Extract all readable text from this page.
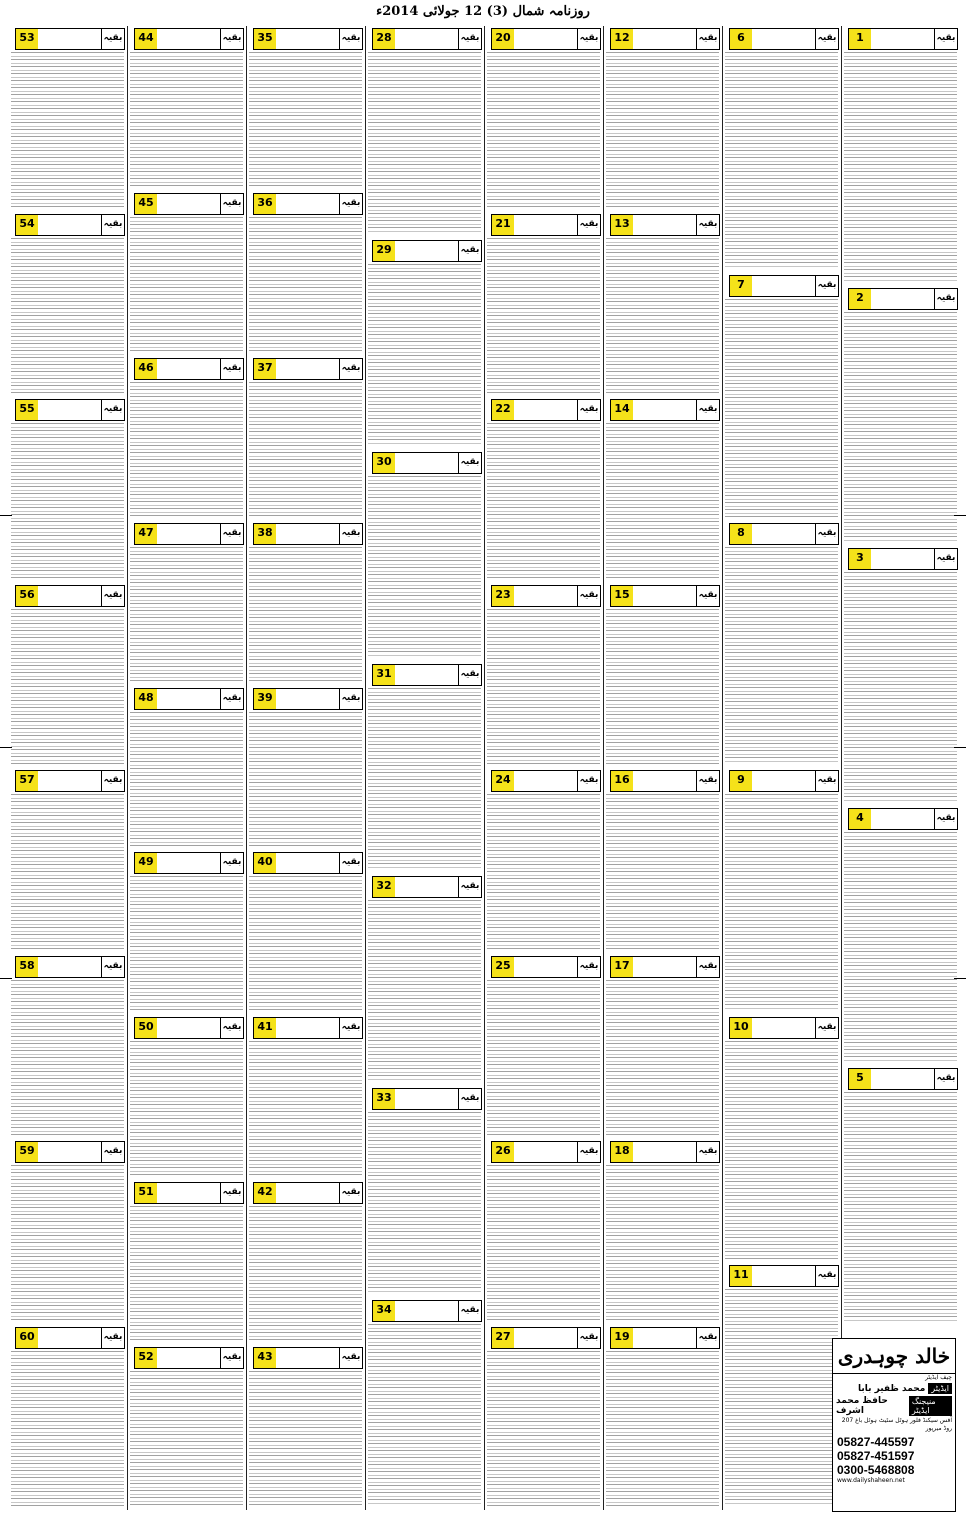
روزنامہ شمال (3) 12 جولائی 2014ء
بقیہ
1
بقیہ
2
بقیہ
3
بقیہ
4
بقیہ
5
بقیہ
6
بقیہ
7
بقیہ
8
بقیہ
9
بقیہ
10
بقیہ
11
بقیہ
12
بقیہ
13
بقیہ
14
بقیہ
15
بقیہ
16
بقیہ
17
بقیہ
18
بقیہ
19
بقیہ
20
بقیہ
21
بقیہ
22
بقیہ
23
بقیہ
24
بقیہ
25
بقیہ
26
بقیہ
27
بقیہ
28
بقیہ
29
بقیہ
30
بقیہ
31
بقیہ
32
بقیہ
33
بقیہ
34
بقیہ
35
بقیہ
36
بقیہ
37
بقیہ
38
بقیہ
39
بقیہ
40
بقیہ
41
بقیہ
42
بقیہ
43
بقیہ
44
بقیہ
45
بقیہ
46
بقیہ
47
بقیہ
48
بقیہ
49
بقیہ
50
بقیہ
51
بقیہ
52
بقیہ
53
بقیہ
54
بقیہ
55
بقیہ
56
بقیہ
57
بقیہ
58
بقیہ
59
بقیہ
60
خالد چوہدری
چیف ایڈیٹر
محمد ظفیر بابا ایڈیٹر
حافظ محمد اشرف
منیجنگ ایڈیٹر
207 آفس سیکنڈ فلور ہوٹل سٹیٹ ہوٹل باغ روڈ میرپور
05827-445597
05827-451597
0300-5468808
www.dailyshaheen.net
